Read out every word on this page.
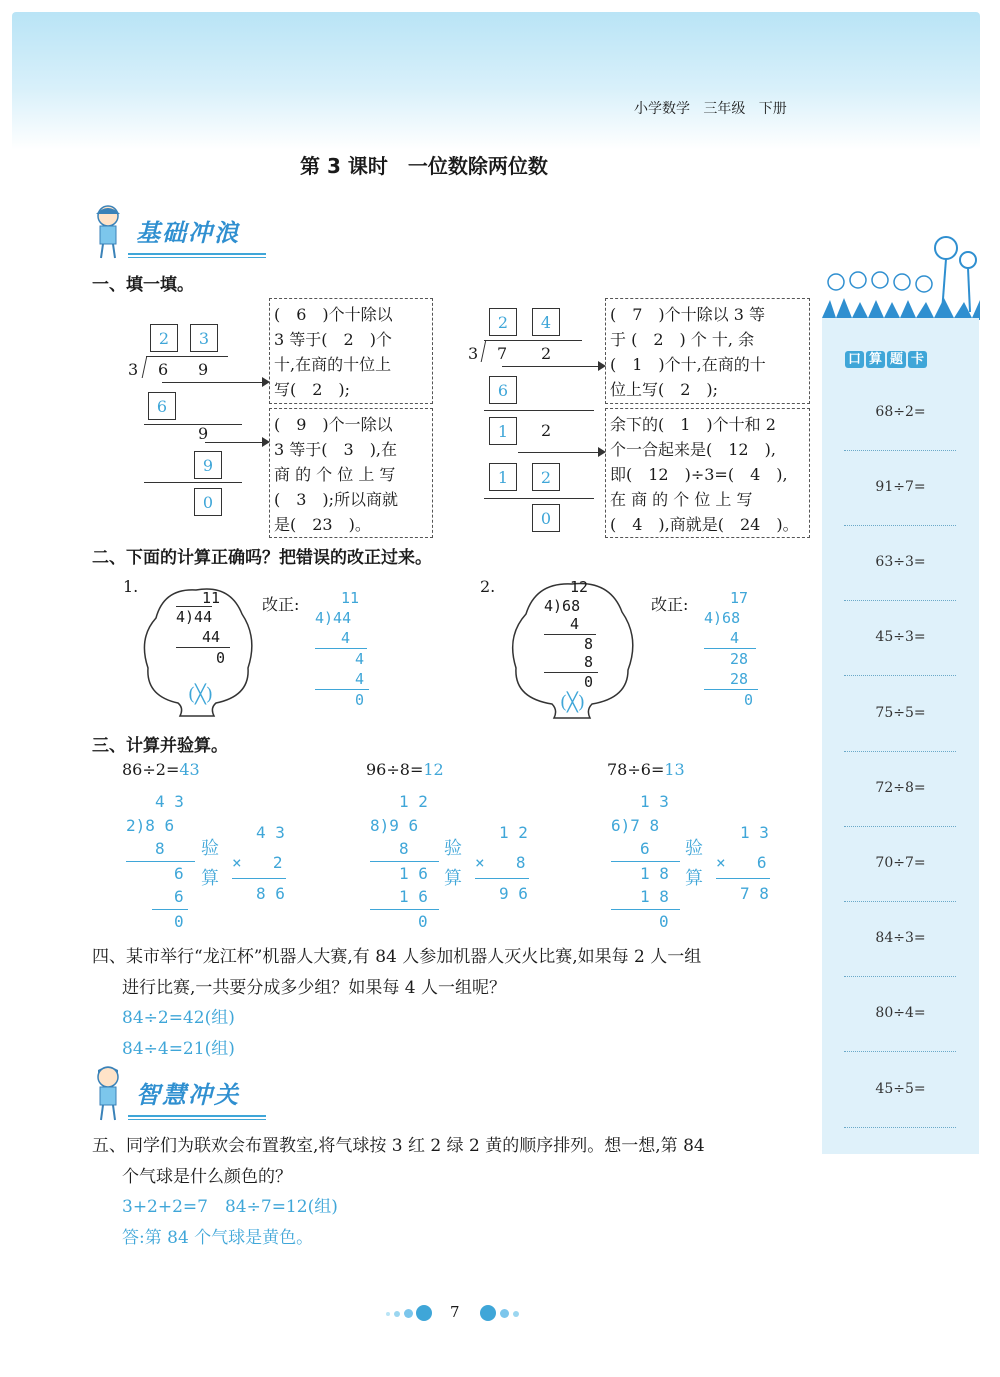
小学数学 三年级 下册
第 3 课时　一位数除两位数
基础冲浪
一、填一填。
2	3
3 6 9
6
9
9
0
(　6　)个十除以
3 等于(　2　)个
十,在商的十位上
写(　2　);
(　9　)个一除以
3 等于(　3　),在
商 的 个 位 上 写
(　3　);所以商就
是(　23　)。
2	4
3 7 2
6
1	2
1	2
0
(　7　)个十除以 3 等
于 (　2　) 个 十, 余
(　1　)个十,在商的十
位上写(　2　);
余下的(　1　)个十和 2
个一合起来是(　12　),
即(　12　)÷3=(　4　),
在 商 的 个 位 上 写
(　4　),商就是(　24　)。
二、下面的计算正确吗？把错误的改正过来。
1.
11
4)44
44
0
(╳)
改正:	11
4)44
4
4
4
0
2.	12
4)68
4
8
8
0
(╳)
改正:	17
4)68
4
28
28
0
三、计算并验算。
86÷2=43
4 3
2)8 6
8
6
6
0
验
算
4 3
×  2
8 6
96÷8=12
1 2
8)9 6
8
1 6
1 6
0
验
算
1 2
×  8
9 6
78÷6=13
1 3
6)7 8
6
1 8
1 8
0
验
算
1 3
×  6
7 8
四、某市举行“龙江杯”机器人大赛,有 84 人参加机器人灭火比赛,如果每 2 人一组
进行比赛,一共要分成多少组？如果每 4 人一组呢？
84÷2=42(组)
84÷4=21(组)
智慧冲关
五、同学们为联欢会布置教室,将气球按 3 红 2 绿 2 黄的顺序排列。想一想,第 84
个气球是什么颜色的？
3+2+2=7　84÷7=12(组)
答:第 84 个气球是黄色。
口 算 题 卡
68÷2=
91÷7=
63÷3=
45÷3=
75÷5=
72÷8=
70÷7=
84÷3=
80÷4=
45÷5=
7
